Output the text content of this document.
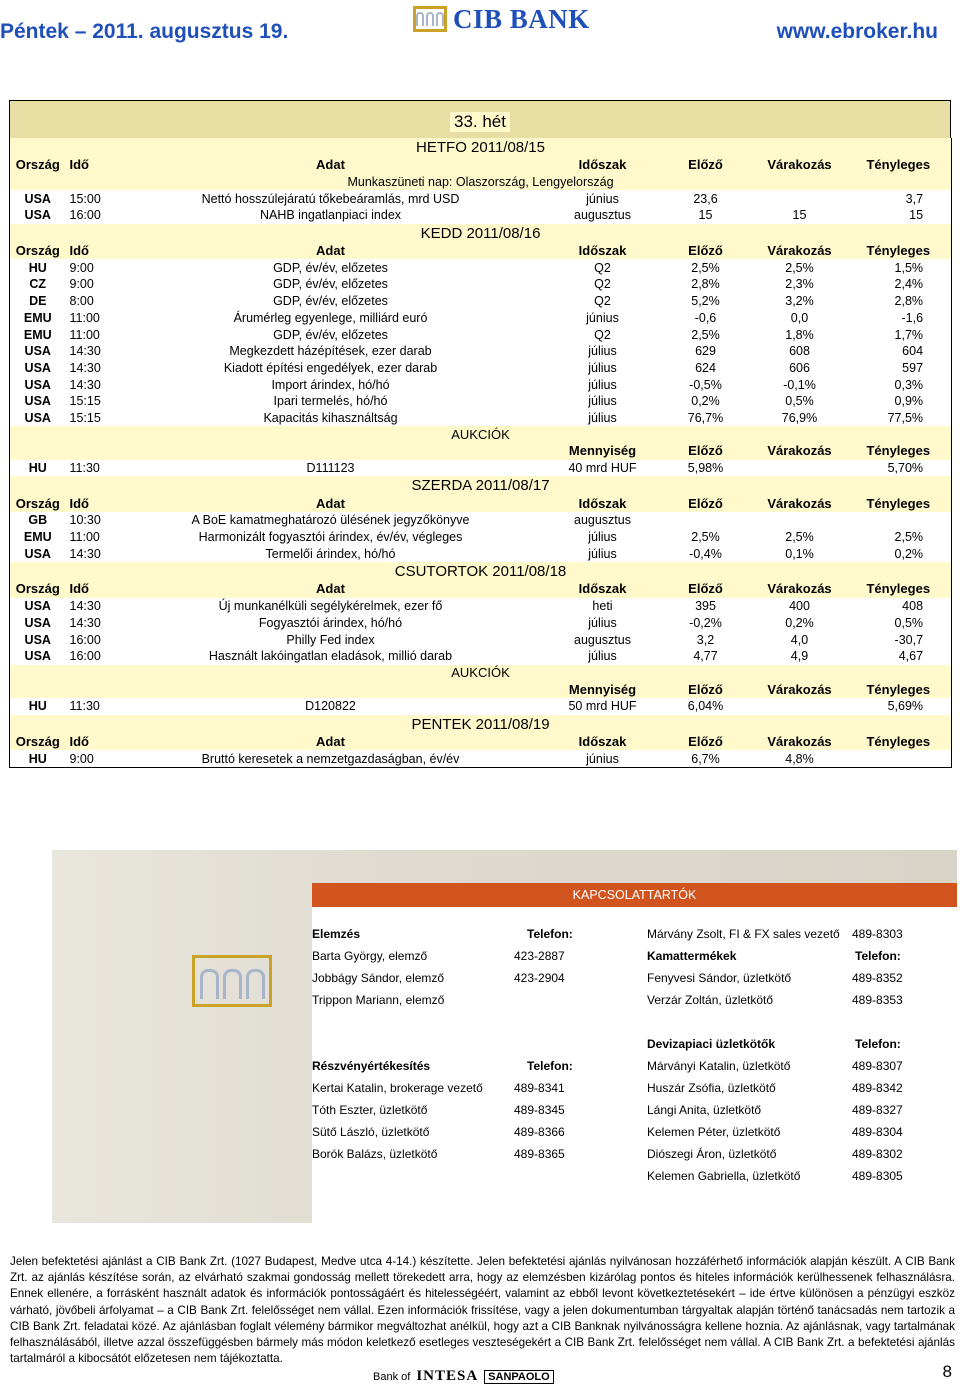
Péntek – 2011. augusztus 19.	CIB BANK	www.ebroker.hu
33. hét
HETFO 2011/08/15						
Ország	Idő	Adat	Időszak	Előző	Várakozás	Tényleges
Munkaszüneti nap: Olaszország, Lengyelország						
USA	15:00	Nettó hosszúlejáratú tőkebeáramlás, mrd USD	június	23,6		3,7
USA	16:00	NAHB ingatlanpiaci index	augusztus	15	15	15
KEDD 2011/08/16						
Ország	Idő	Adat	Időszak	Előző	Várakozás	Tényleges
HU	9:00	GDP, év/év, előzetes	Q2	2,5%	2,5%	1,5%
CZ	9:00	GDP, év/év, előzetes	Q2	2,8%	2,3%	2,4%
DE	8:00	GDP, év/év, előzetes	Q2	5,2%	3,2%	2,8%
EMU	11:00	Árumérleg egyenlege, milliárd euró	június	-0,6	0,0	-1,6
EMU	11:00	GDP, év/év, előzetes	Q2	2,5%	1,8%	1,7%
USA	14:30	Megkezdett házépítések, ezer darab	július	629	608	604
USA	14:30	Kiadott építési engedélyek, ezer darab	július	624	606	597
USA	14:30	Import árindex, hó/hó	július	-0,5%	-0,1%	0,3%
USA	15:15	Ipari termelés, hó/hó	július	0,2%	0,5%	0,9%
USA	15:15	Kapacitás kihasználtság	július	76,7%	76,9%	77,5%
AUKCIÓK						
			Mennyiség	Előző	Várakozás	Tényleges
HU	11:30	D111123	40 mrd HUF	5,98%		5,70%
SZERDA 2011/08/17						
Ország	Idő	Adat	Időszak	Előző	Várakozás	Tényleges
GB	10:30	A BoE kamatmeghatározó ülésének jegyzőkönyve	augusztus			
EMU	11:00	Harmonizált fogyasztói árindex, év/év, végleges	július	2,5%	2,5%	2,5%
USA	14:30	Termelői árindex, hó/hó	július	-0,4%	0,1%	0,2%
CSUTORTOK 2011/08/18						
Ország	Idő	Adat	Időszak	Előző	Várakozás	Tényleges
USA	14:30	Új munkanélküli segélykérelmek, ezer fő	heti	395	400	408
USA	14:30	Fogyasztói árindex, hó/hó	július	-0,2%	0,2%	0,5%
USA	16:00	Philly Fed index	augusztus	3,2	4,0	-30,7
USA	16:00	Használt lakóingatlan eladások, millió darab	július	4,77	4,9	4,67
AUKCIÓK						
			Mennyiség	Előző	Várakozás	Tényleges
HU	11:30	D120822	50 mrd HUF	6,04%		5,69%
PENTEK 2011/08/19						
Ország	Idő	Adat	Időszak	Előző	Várakozás	Tényleges
HU	9:00	Bruttó keresetek a nemzetgazdaságban, év/év	június	6,7%	4,8%	
KAPCSOLATTARTÓK
Elemzés	Telefon:
Barta György, elemző	423-2887
Jobbágy Sándor, elemző	423-2904
Trippon Mariann, elemző
Márvány Zsolt, FI & FX sales vezető 489-8303
Kamattermékek	Telefon:
Fenyvesi Sándor, üzletkötő	489-8352
Verzár Zoltán, üzletkötő	489-8353
Devizapiaci üzletkötők	Telefon:
Márványi Katalin, üzletkötő	489-8307
Huszár Zsófia, üzletkötő	489-8342
Lángi Anita, üzletkötő	489-8327
Kelemen Péter, üzletkötő	489-8304
Diószegi Áron, üzletkötő	489-8302
Kelemen Gabriella, üzletkötő	489-8305
Részvényértékesítés	Telefon:
Kertai Katalin, brokerage vezető	489-8341
Tóth Eszter, üzletkötő	489-8345
Sütő László, üzletkötő	489-8366
Borók Balázs, üzletkötő	489-8365
Jelen befektetési ajánlást a CIB Bank Zrt. (1027 Budapest, Medve utca 4-14.) készítette. Jelen befektetési ajánlás nyilvánosan hozzáférhető információk alapján készült. A CIB Bank Zrt. az ajánlás készítése során, az elvárható szakmai gondosság mellett törekedett arra, hogy az elemzésben kizárólag pontos és hiteles információk kerülhessenek felhasználásra. Ennek ellenére, a forrásként használt adatok és információk pontosságáért és hitelességéért, valamint az ebből levont következtetésekért – ide értve különösen a pénzügyi eszköz várható, jövőbeli árfolyamat – a CIB Bank Zrt. felelősséget nem vállal. Ezen információk frissítése, vagy a jelen dokumentumban tárgyaltak alapján történő tanácsadás nem tartozik a CIB Bank Zrt. feladatai közé. Az ajánlásban foglalt vélemény bármikor megváltozhat anélkül, hogy azt a CIB Banknak nyilvánosságra kellene hoznia. Az ajánlásnak, vagy tartalmának felhasználásából, illetve azzal összefüggésben bármely más módon keletkező esetleges veszteségekért a CIB Bank Zrt. felelősséget nem vállal. A CIB Bank Zrt. a befektetési ajánlás tartalmáról a kibocsátót előzetesen nem tájékoztatta.
Bank of INTESA SANPAOLO	8
